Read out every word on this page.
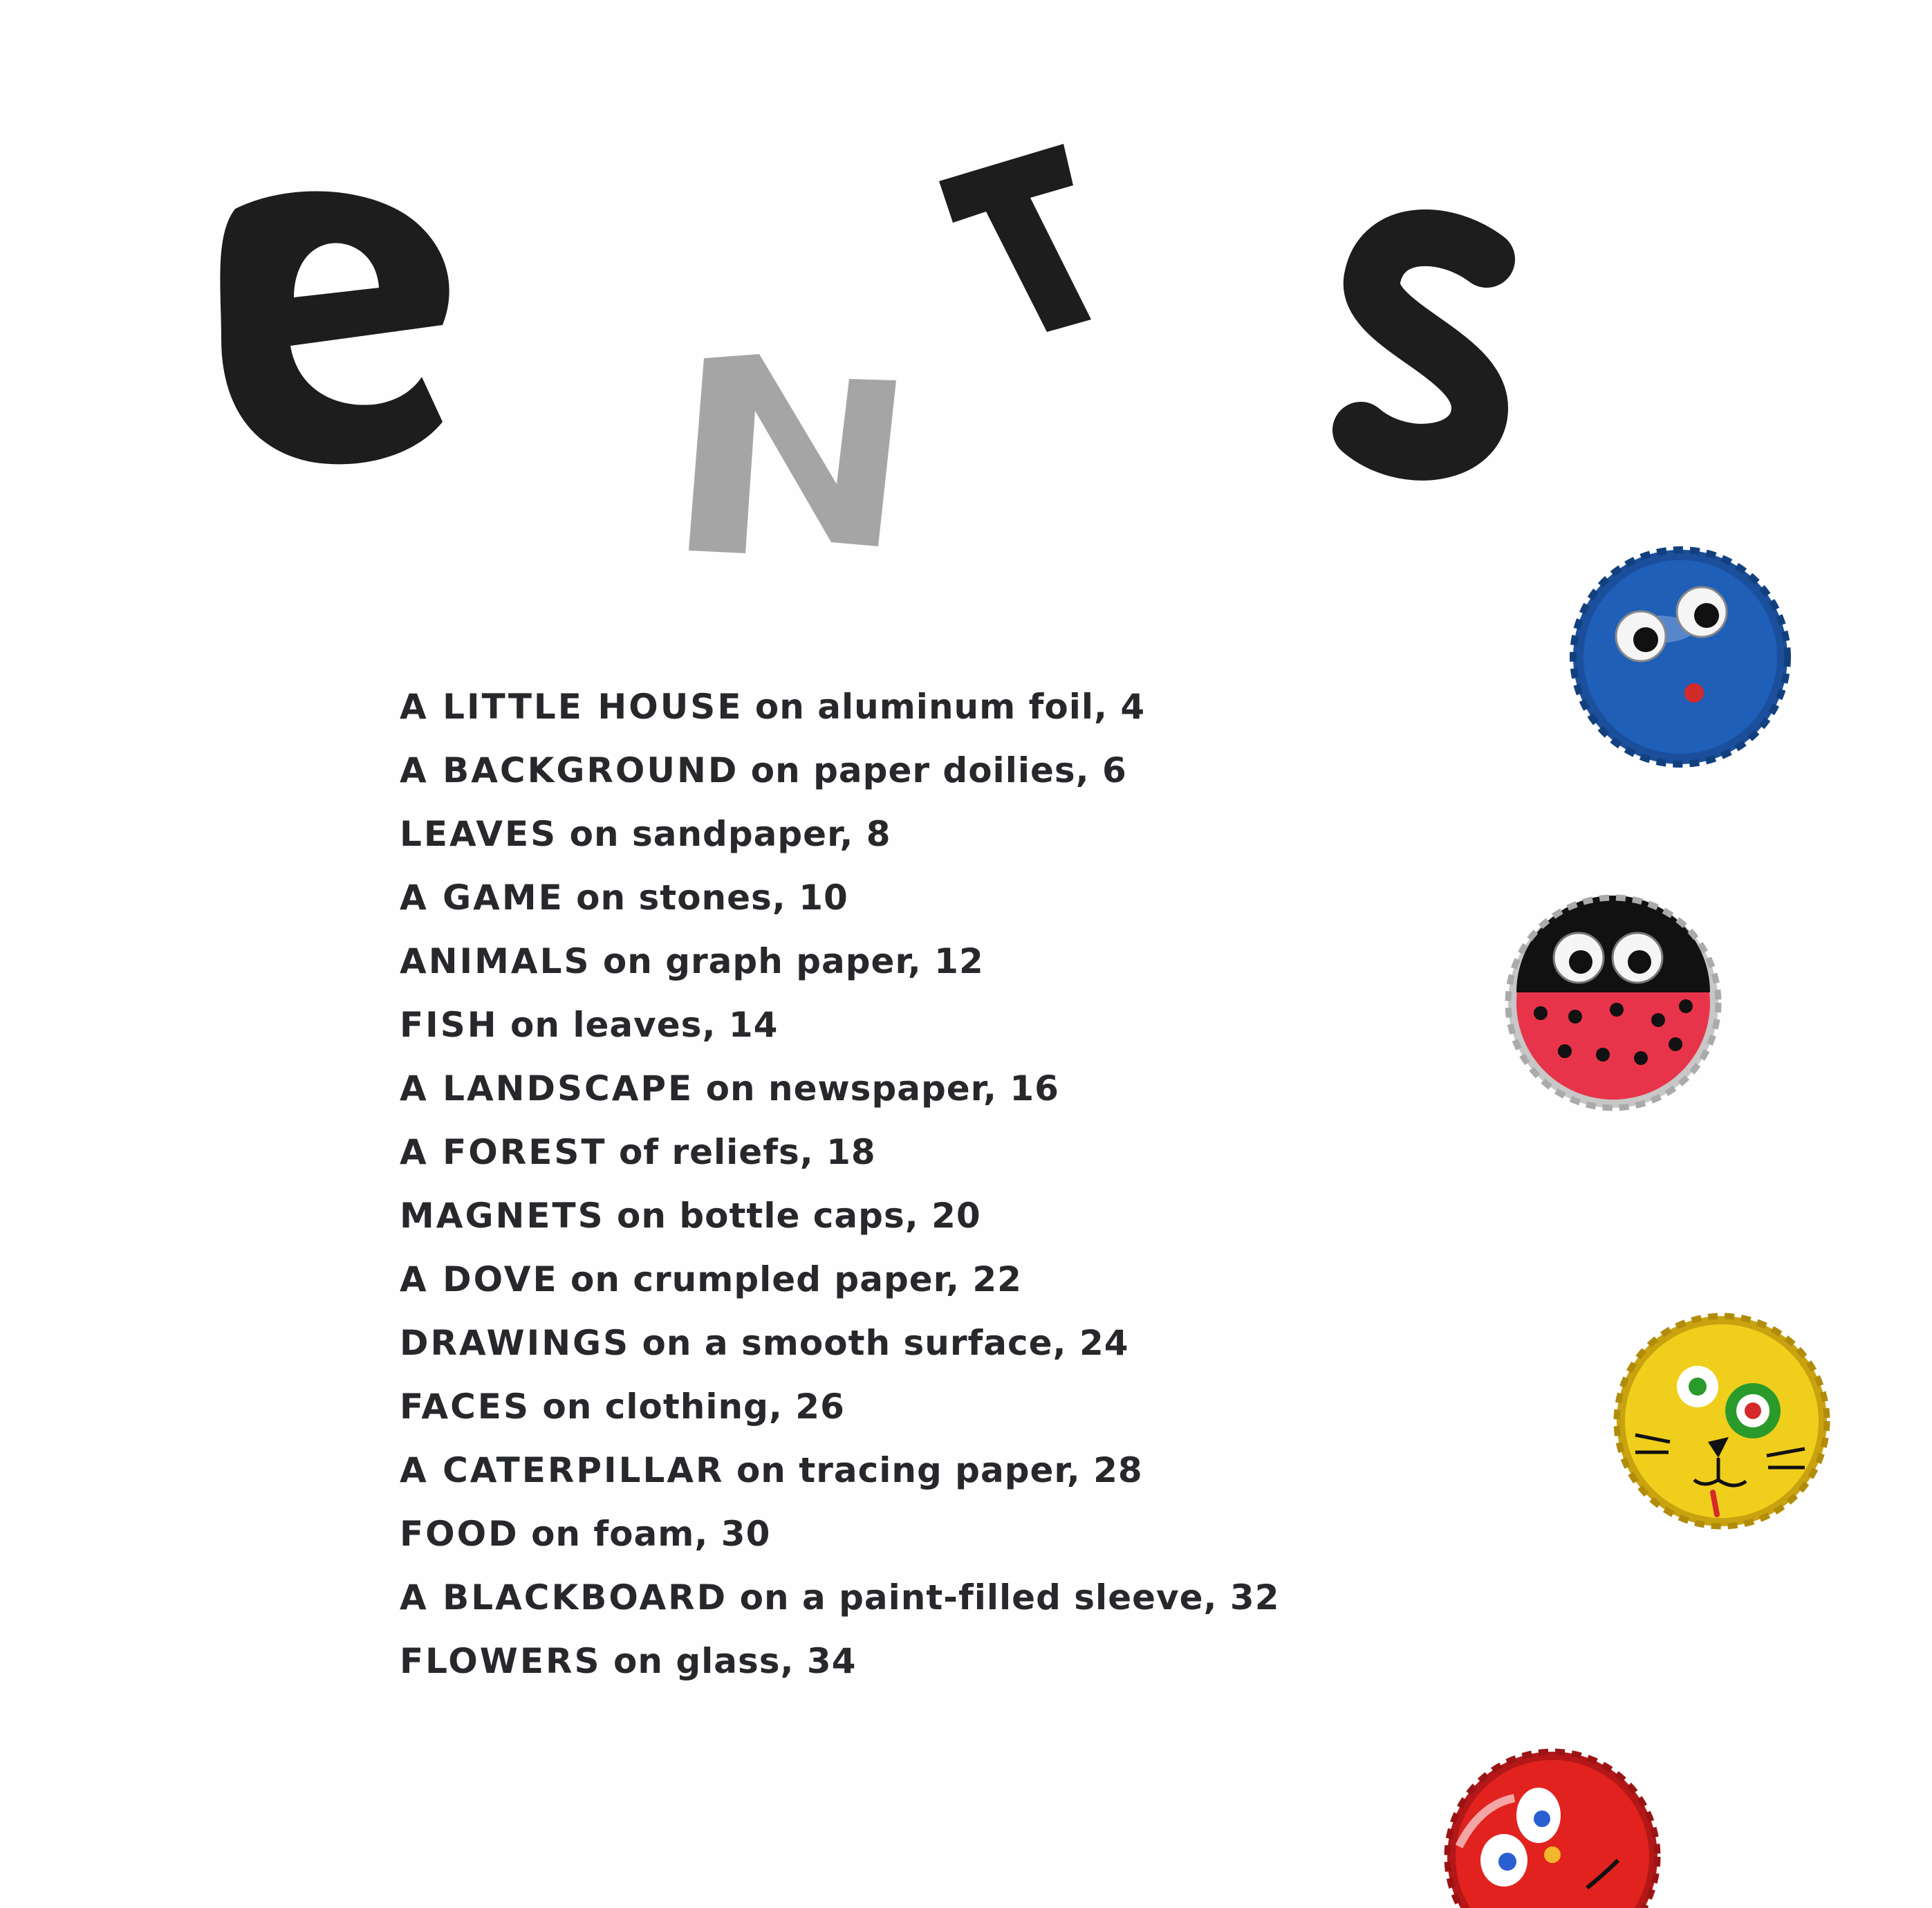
A LITTLE HOUSE on aluminum foil, 4
A BACKGROUND on paper doilies, 6
LEAVES on sandpaper, 8
A GAME on stones, 10
ANIMALS on graph paper, 12
FISH on leaves, 14
A LANDSCAPE on newspaper, 16
A FOREST of reliefs, 18
MAGNETS on bottle caps, 20
A DOVE on crumpled paper, 22
DRAWINGS on a smooth surface, 24
FACES on clothing, 26
A CATERPILLAR on tracing paper, 28
FOOD on foam, 30
A BLACKBOARD on a paint-filled sleeve, 32
FLOWERS on glass, 34
